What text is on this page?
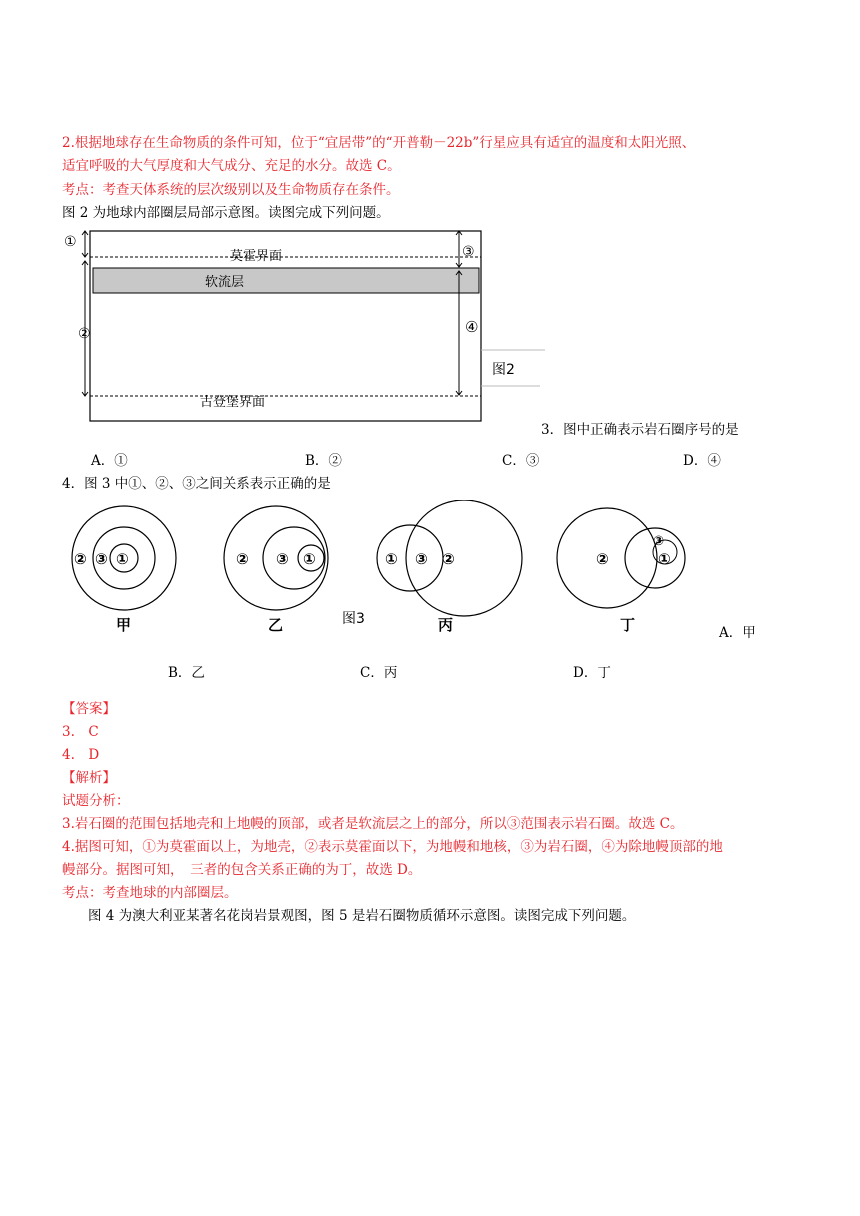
2.根据地球存在生命物质的条件可知，位于“宜居带”的“开普勒－22b”行星应具有适宜的温度和太阳光照、
适宜呼吸的大气厚度和大气成分、充足的水分。故选 C。
考点：考查天体系统的层次级别以及生命物质存在条件。
图 2 为地球内部圈层局部示意图。读图完成下列问题。
莫霍界面
软流层
古登堡界面
①
②
③
④
图2
3．图中正确表示岩石圈序号的是
A．①	B．②	C．③	D．④
4．图 3 中①、②、③之间关系表示正确的是
② ③ ①
甲
② ③ ①
乙	图3
① ③ ②
丙
②
③
①
丁	A．甲
B．乙	C．丙	D．丁
【答案】
3.　C
4.　D
【解析】
试题分析：
3.岩石圈的范围包括地壳和上地幔的顶部，或者是软流层之上的部分，所以③范围表示岩石圈。故选 C。
4.据图可知，①为莫霍面以上，为地壳，②表示莫霍面以下，为地幔和地核，③为岩石圈，④为除地幔顶部的地
幔部分。据图可知，　三者的包含关系正确的为丁，故选 D。
考点：考查地球的内部圈层。
图 4 为澳大利亚某著名花岗岩景观图，图 5 是岩石圈物质循环示意图。读图完成下列问题。
